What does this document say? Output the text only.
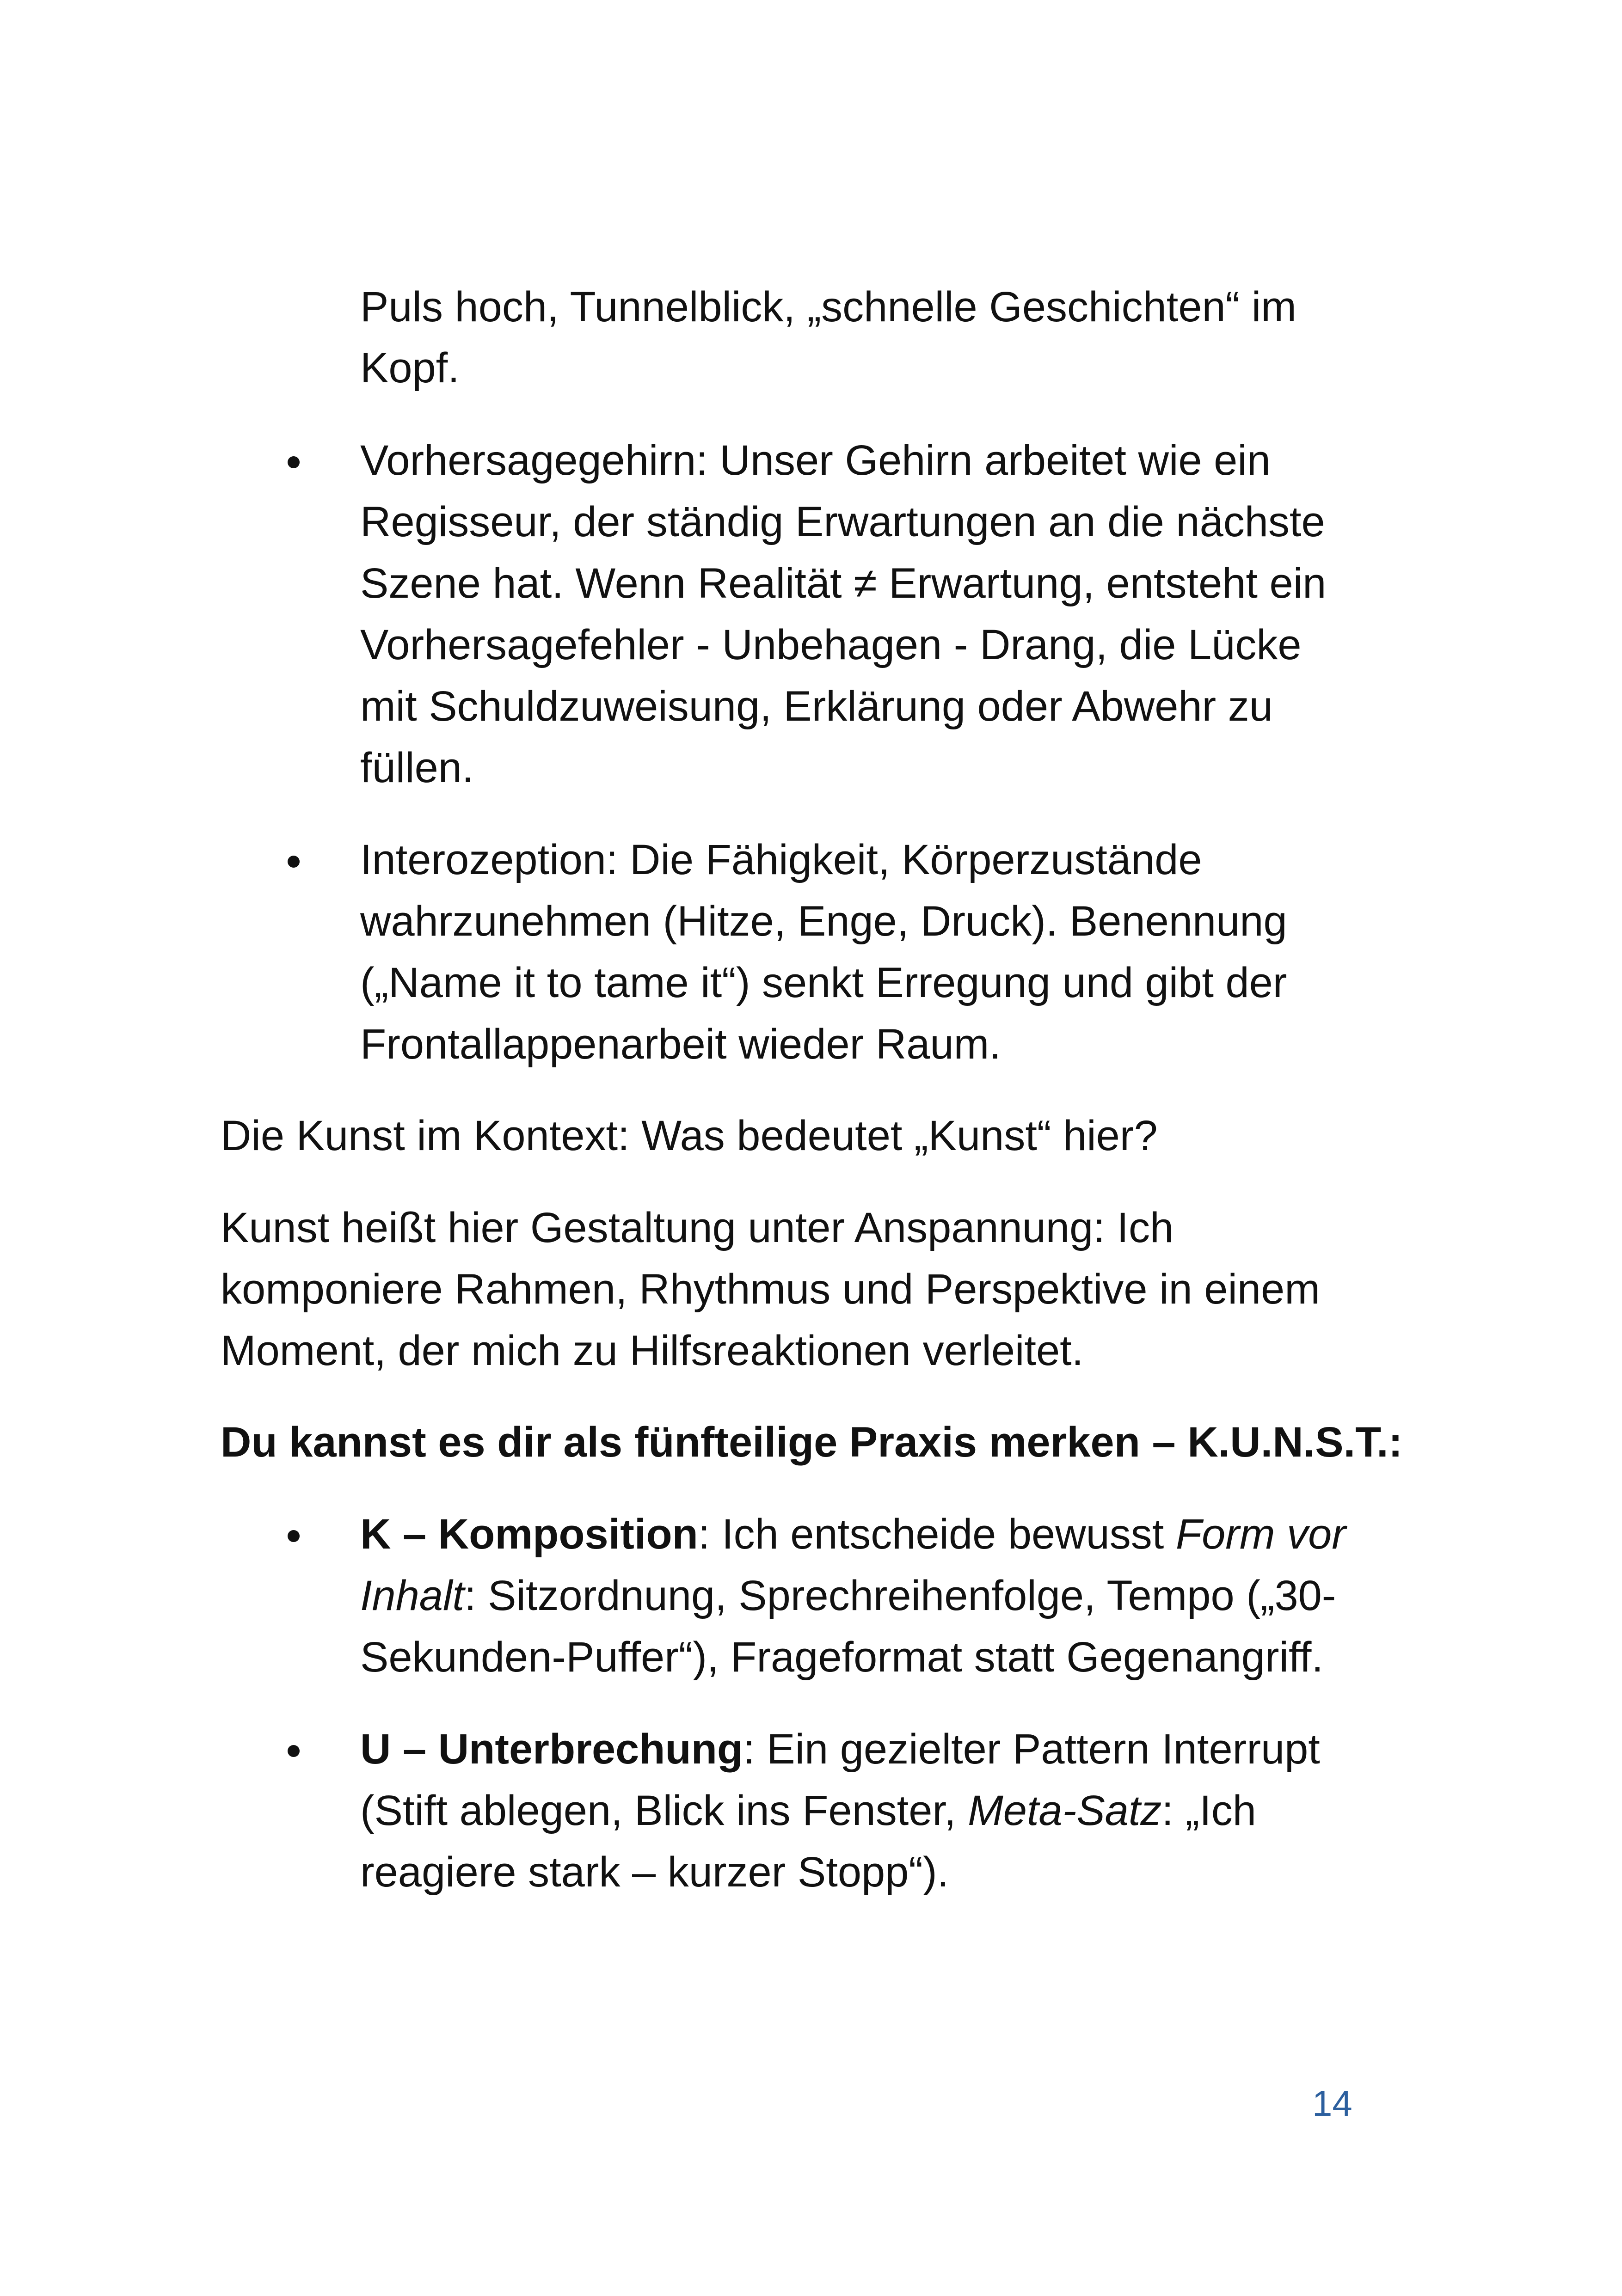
Puls hoch, Tunnelblick, „schnelle Geschichten“ im
Kopf.
Vorhersagegehirn: Unser Gehirn arbeitet wie ein
Regisseur, der ständig Erwartungen an die nächste
Szene hat. Wenn Realität ≠ Erwartung, entsteht ein
Vorhersagefehler - Unbehagen - Drang, die Lücke
mit Schuldzuweisung, Erklärung oder Abwehr zu
füllen.
Interozeption: Die Fähigkeit, Körperzustände
wahrzunehmen (Hitze, Enge, Druck). Benennung
(„Name it to tame it“) senkt Erregung und gibt der
Frontallappenarbeit wieder Raum.
Die Kunst im Kontext: Was bedeutet „Kunst“ hier?
Kunst heißt hier Gestaltung unter Anspannung: Ich
komponiere Rahmen, Rhythmus und Perspektive in einem
Moment, der mich zu Hilfsreaktionen verleitet.
Du kannst es dir als fünfteilige Praxis merken – K.U.N.S.T.:
K – Komposition: Ich entscheide bewusst Form vor
Inhalt: Sitzordnung, Sprechreihenfolge, Tempo („30-
Sekunden-Puffer“), Frageformat statt Gegenangriff.
U – Unterbrechung: Ein gezielter Pattern Interrupt
(Stift ablegen, Blick ins Fenster, Meta-Satz: „Ich
reagiere stark – kurzer Stopp“).
14
